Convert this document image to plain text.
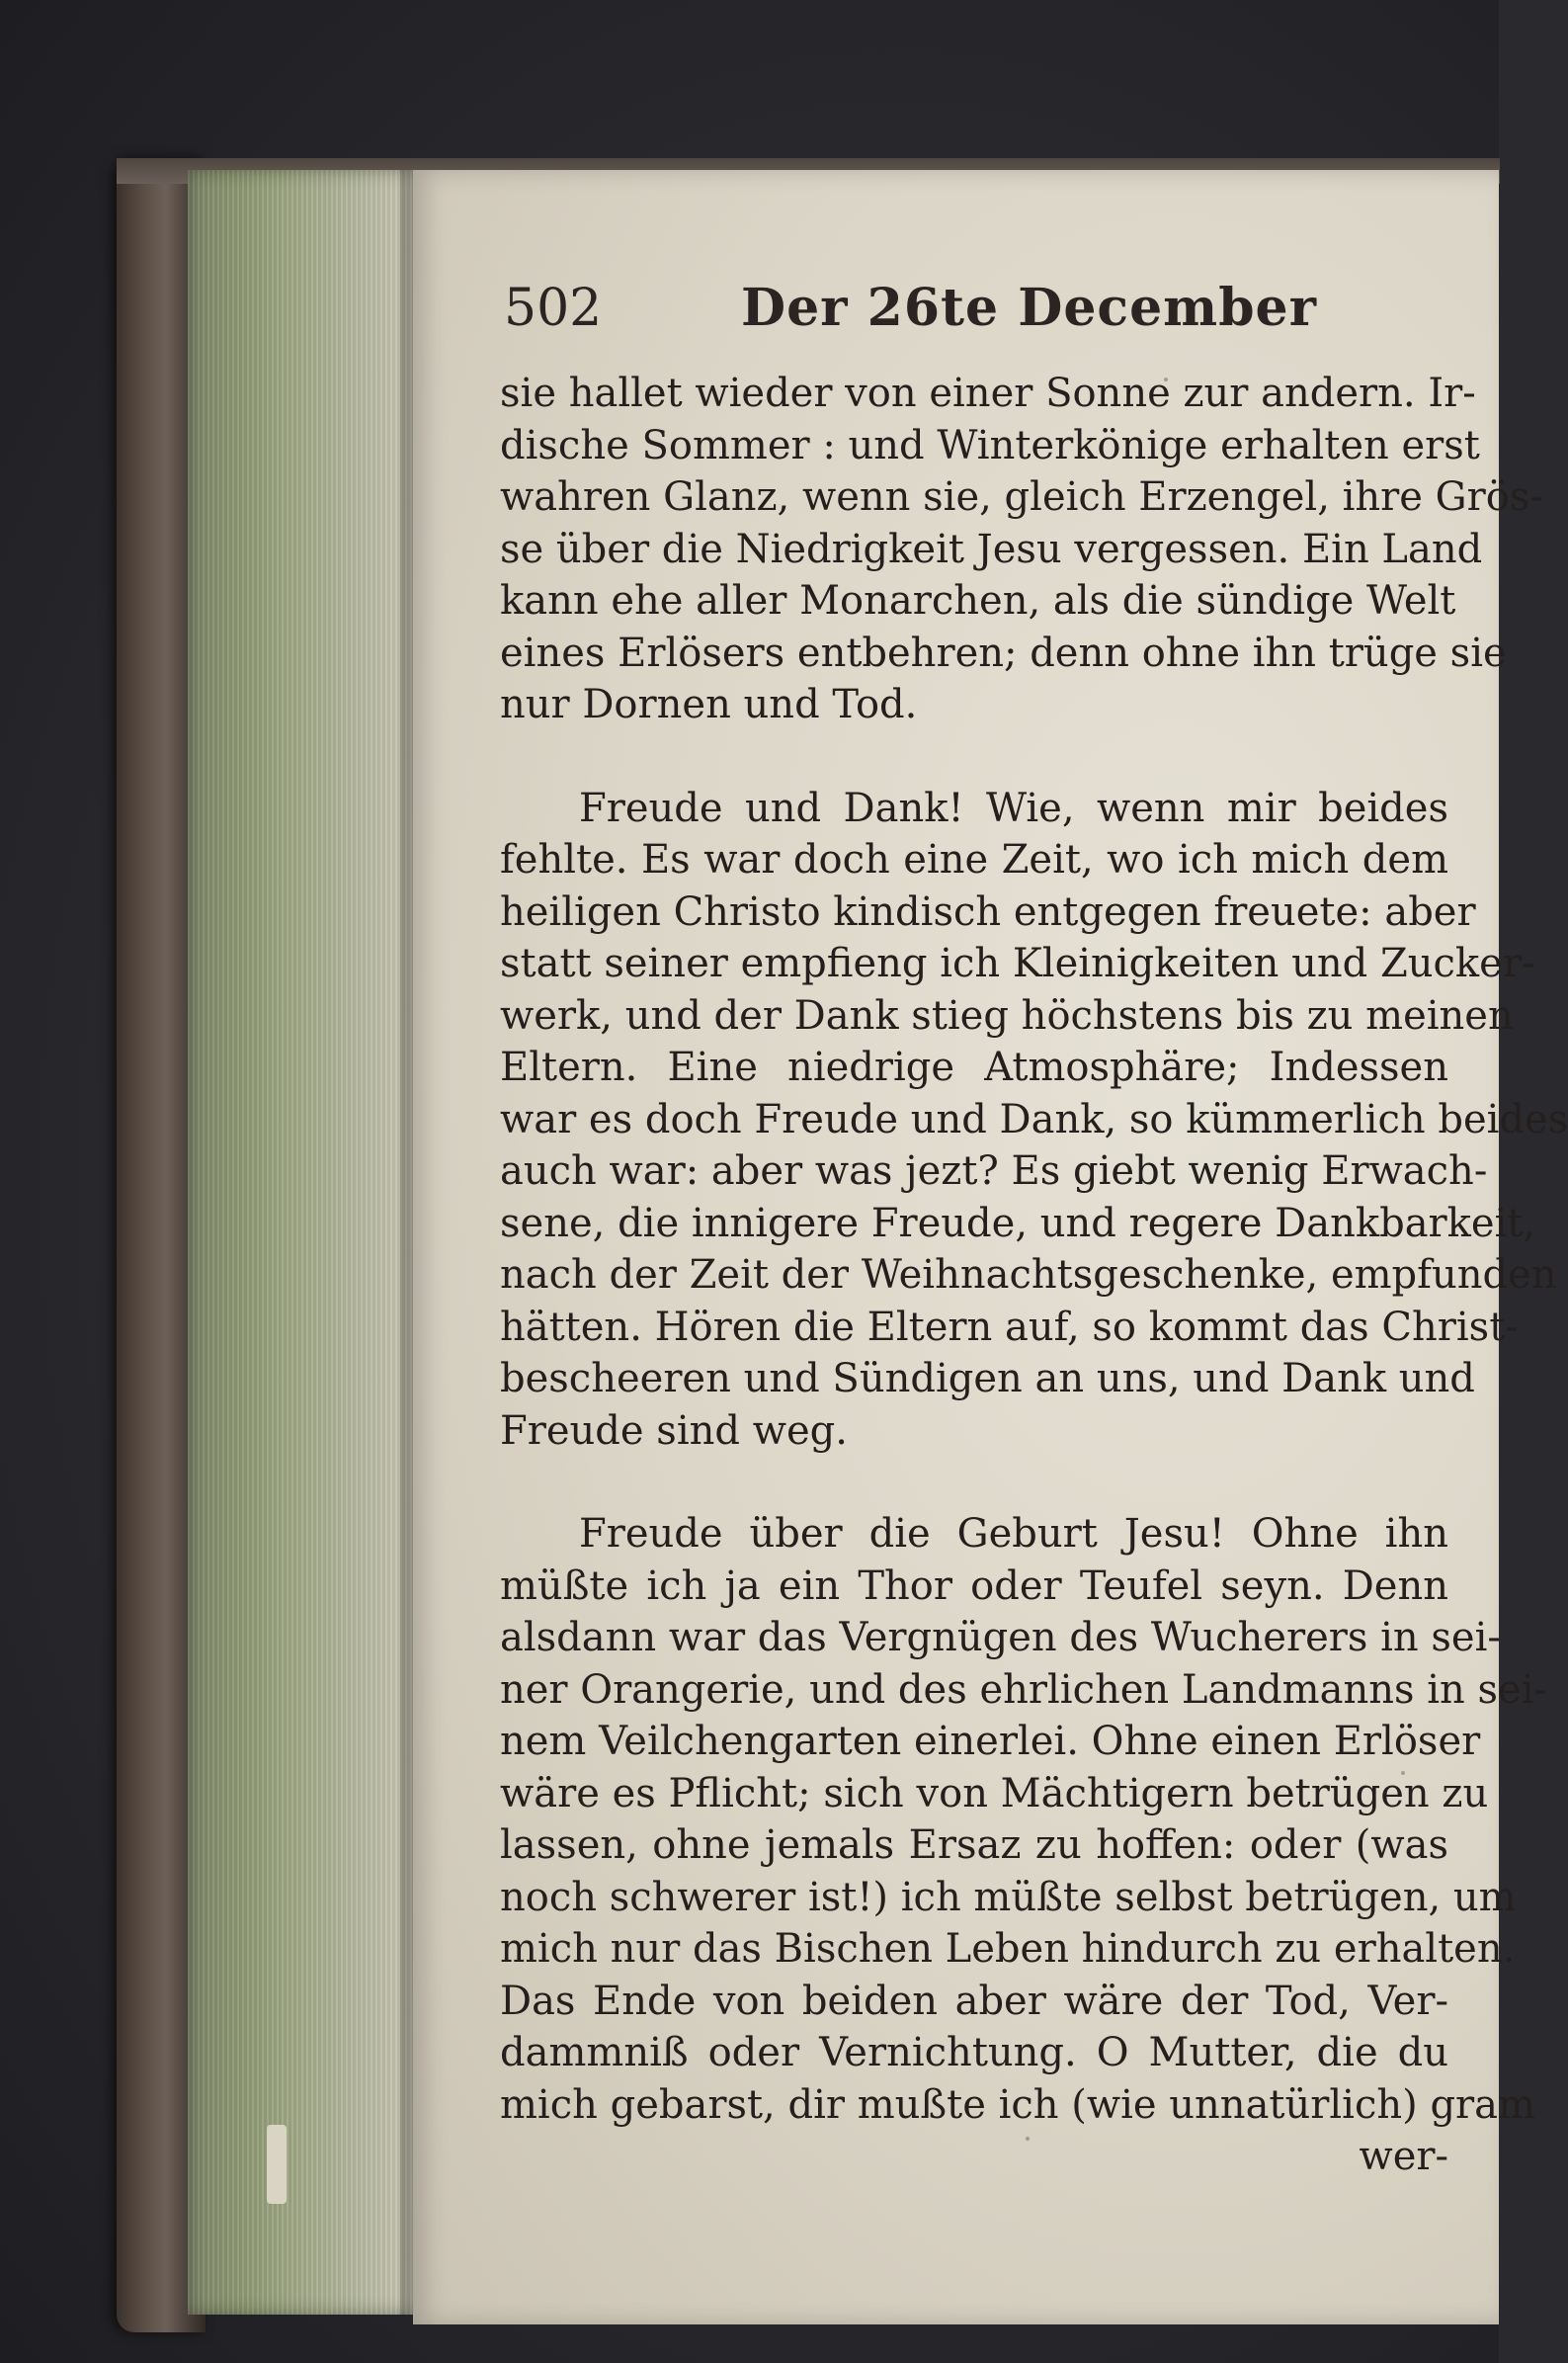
502	Der 26te December
sie hallet wieder von einer Sonne zur andern. Ir-
dische Sommer : und Winterkönige erhalten erst
wahren Glanz, wenn sie, gleich Erzengel, ihre Grös-
se über die Niedrigkeit Jesu vergessen. Ein Land
kann ehe aller Monarchen, als die sündige Welt
eines Erlösers entbehren; denn ohne ihn trüge sie
nur Dornen und Tod.
Freude und Dank! Wie, wenn mir beides
fehlte. Es war doch eine Zeit, wo ich mich dem
heiligen Christo kindisch entgegen freuete: aber
statt seiner empfieng ich Kleinigkeiten und Zucker-
werk, und der Dank stieg höchstens bis zu meinen
Eltern. Eine niedrige Atmosphäre; Indessen
war es doch Freude und Dank, so kümmerlich beides
auch war: aber was jezt? Es giebt wenig Erwach-
sene, die innigere Freude, und regere Dankbarkeit,
nach der Zeit der Weihnachtsgeschenke, empfunden
hätten. Hören die Eltern auf, so kommt das Christ-
bescheeren und Sündigen an uns, und Dank und
Freude sind weg.
Freude über die Geburt Jesu! Ohne ihn
müßte ich ja ein Thor oder Teufel seyn. Denn
alsdann war das Vergnügen des Wucherers in sei-
ner Orangerie, und des ehrlichen Landmanns in sei-
nem Veilchengarten einerlei. Ohne einen Erlöser
wäre es Pflicht; sich von Mächtigern betrügen zu
lassen, ohne jemals Ersaz zu hoffen: oder (was
noch schwerer ist!) ich müßte selbst betrügen, um
mich nur das Bischen Leben hindurch zu erhalten.
Das Ende von beiden aber wäre der Tod, Ver-
dammniß oder Vernichtung. O Mutter, die du
mich gebarst, dir mußte ich (wie unnatürlich) gram
wer-
